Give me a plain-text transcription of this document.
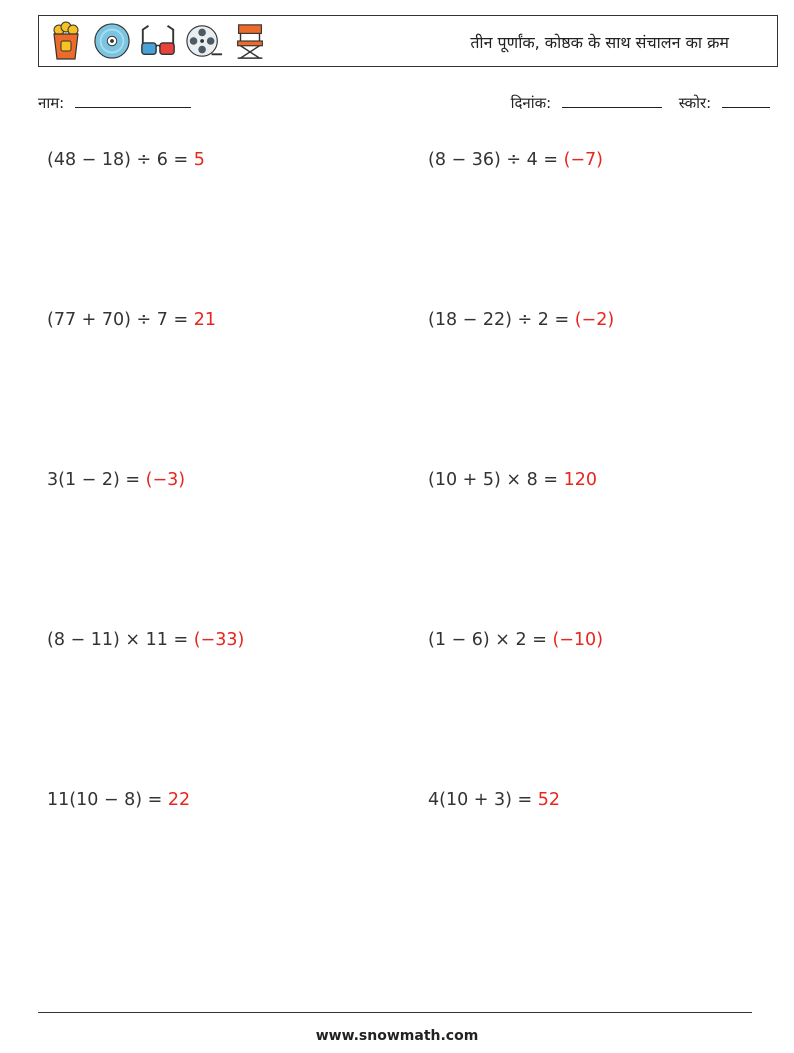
तीन पूर्णांक, कोष्ठक के साथ संचालन का क्रम
नाम:	दिनांक:	स्कोर:
(48 − 18) ÷ 6 = 5	(8 − 36) ÷ 4 = (−7)
(77 + 70) ÷ 7 = 21	(18 − 22) ÷ 2 = (−2)
3(1 − 2) = (−3)	(10 + 5) × 8 = 120
(8 − 11) × 11 = (−33)	(1 − 6) × 2 = (−10)
11(10 − 8) = 22	4(10 + 3) = 52
www.snowmath.com
